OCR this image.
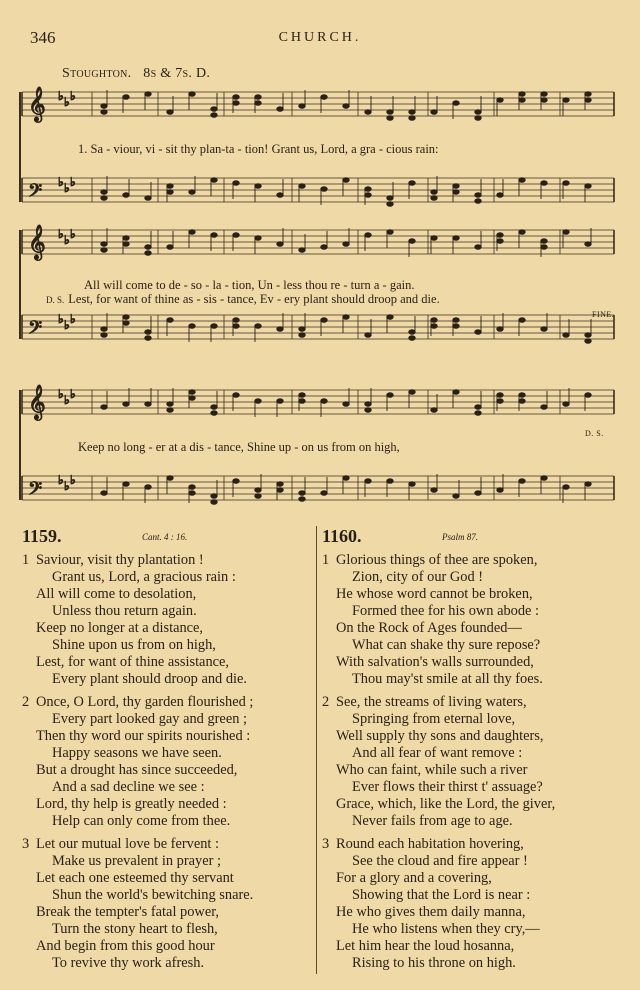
346	CHURCH.
Stoughton. 8s & 7s. D.
𝄞 ♭ ♭ ♭
𝄢 ♭ ♭ ♭
𝄞 ♭ ♭ ♭
𝄢 ♭ ♭ ♭
𝄞 ♭ ♭ ♭
𝄢 ♭ ♭ ♭
1. Sa - viour, vi - sit thy plan-ta - tion! Grant us, Lord, a gra - cious rain:
All will come to de - so - la - tion, Un - less thou re - turn a - gain.
D. S. Lest, for want of thine as - sis - tance, Ev - ery plant should droop and die.
FINE.
D. S.
Keep no long - er at a dis - tance, Shine up - on us from on high,
1159.	Cant. 4 : 16.
1 Saviour, visit thy plantation !
Grant us, Lord, a gracious rain :
All will come to desolation,
Unless thou return again.
Keep no longer at a distance,
Shine upon us from on high,
Lest, for want of thine assistance,
Every plant should droop and die.
2 Once, O Lord, thy garden flourished ;
Every part looked gay and green ;
Then thy word our spirits nourished :
Happy seasons we have seen.
But a drought has since succeeded,
And a sad decline we see :
Lord, thy help is greatly needed :
Help can only come from thee.
3 Let our mutual love be fervent :
Make us prevalent in prayer ;
Let each one esteemed thy servant
Shun the world's bewitching snare.
Break the tempter's fatal power,
Turn the stony heart to flesh,
And begin from this good hour
To revive thy work afresh.
1160.	Psalm 87.
1 Glorious things of thee are spoken,
Zion, city of our God !
He whose word cannot be broken,
Formed thee for his own abode :
On the Rock of Ages founded—
What can shake thy sure repose?
With salvation's walls surrounded,
Thou may'st smile at all thy foes.
2 See, the streams of living waters,
Springing from eternal love,
Well supply thy sons and daughters,
And all fear of want remove :
Who can faint, while such a river
Ever flows their thirst t' assuage?
Grace, which, like the Lord, the giver,
Never fails from age to age.
3 Round each habitation hovering,
See the cloud and fire appear !
For a glory and a covering,
Showing that the Lord is near :
He who gives them daily manna,
He who listens when they cry,—
Let him hear the loud hosanna,
Rising to his throne on high.
